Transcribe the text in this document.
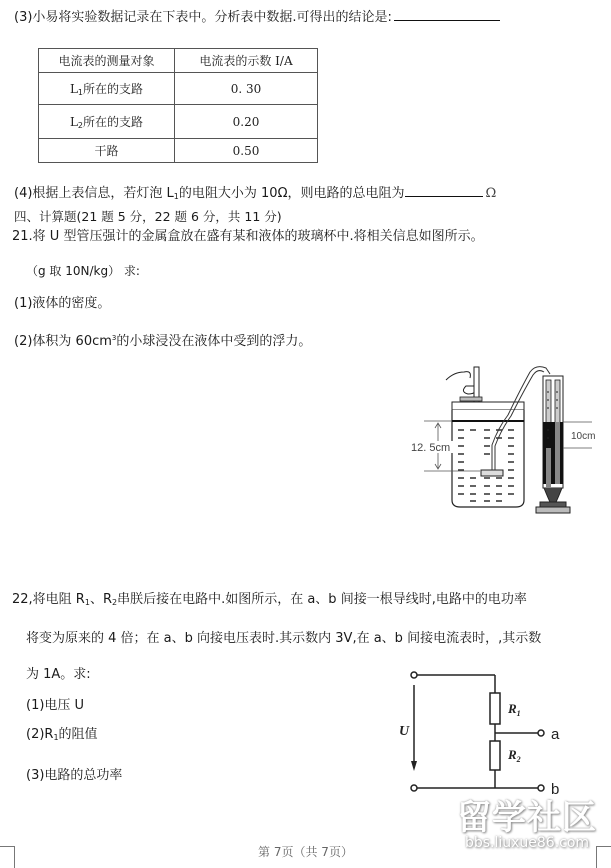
(3)小易将实验数据记录在下表中。分析表中数据.可得出的结论是:
电流表的测量对象	电流表的示数 I/A
$L_1$所在的支路	0. 30
$L_2$所在的支路	0.20
干路	0.50
(4)根据上表信息，若灯泡 $L_1$的电阻大小为 10Ω，则电路的总电阻为	Ω
四、计算题(21 题 5 分，22 题 6 分，共 11 分)
21.将 U 型管压强计的金属盒放在盛有某和液体的玻璃杯中.将相关信息如图所示。
（g 取 10N/kg） 求:
(1)液体的密度。
(2)体积为 $60cm^3$的小球浸没在液体中受到的浮力。
12. 5cm
10cm
22,将电阻 $R_1$、$R_2$串朕后接在电路中.如图所示，在 a、b 间接一根导线时,电路中的电功率
将变为原来的 4 倍；在 a、b 向接电压表时.其示数内 3V,在 a、b 间接电流表时，,其示数
为 1A。求:
(1)电压 U
$(2)R_1$的阻值
(3)电路的总功率
U
$R_1$
$R_2$
a
b
留学社区
bbs.liuxue86.com
第 7页（共 7页）
